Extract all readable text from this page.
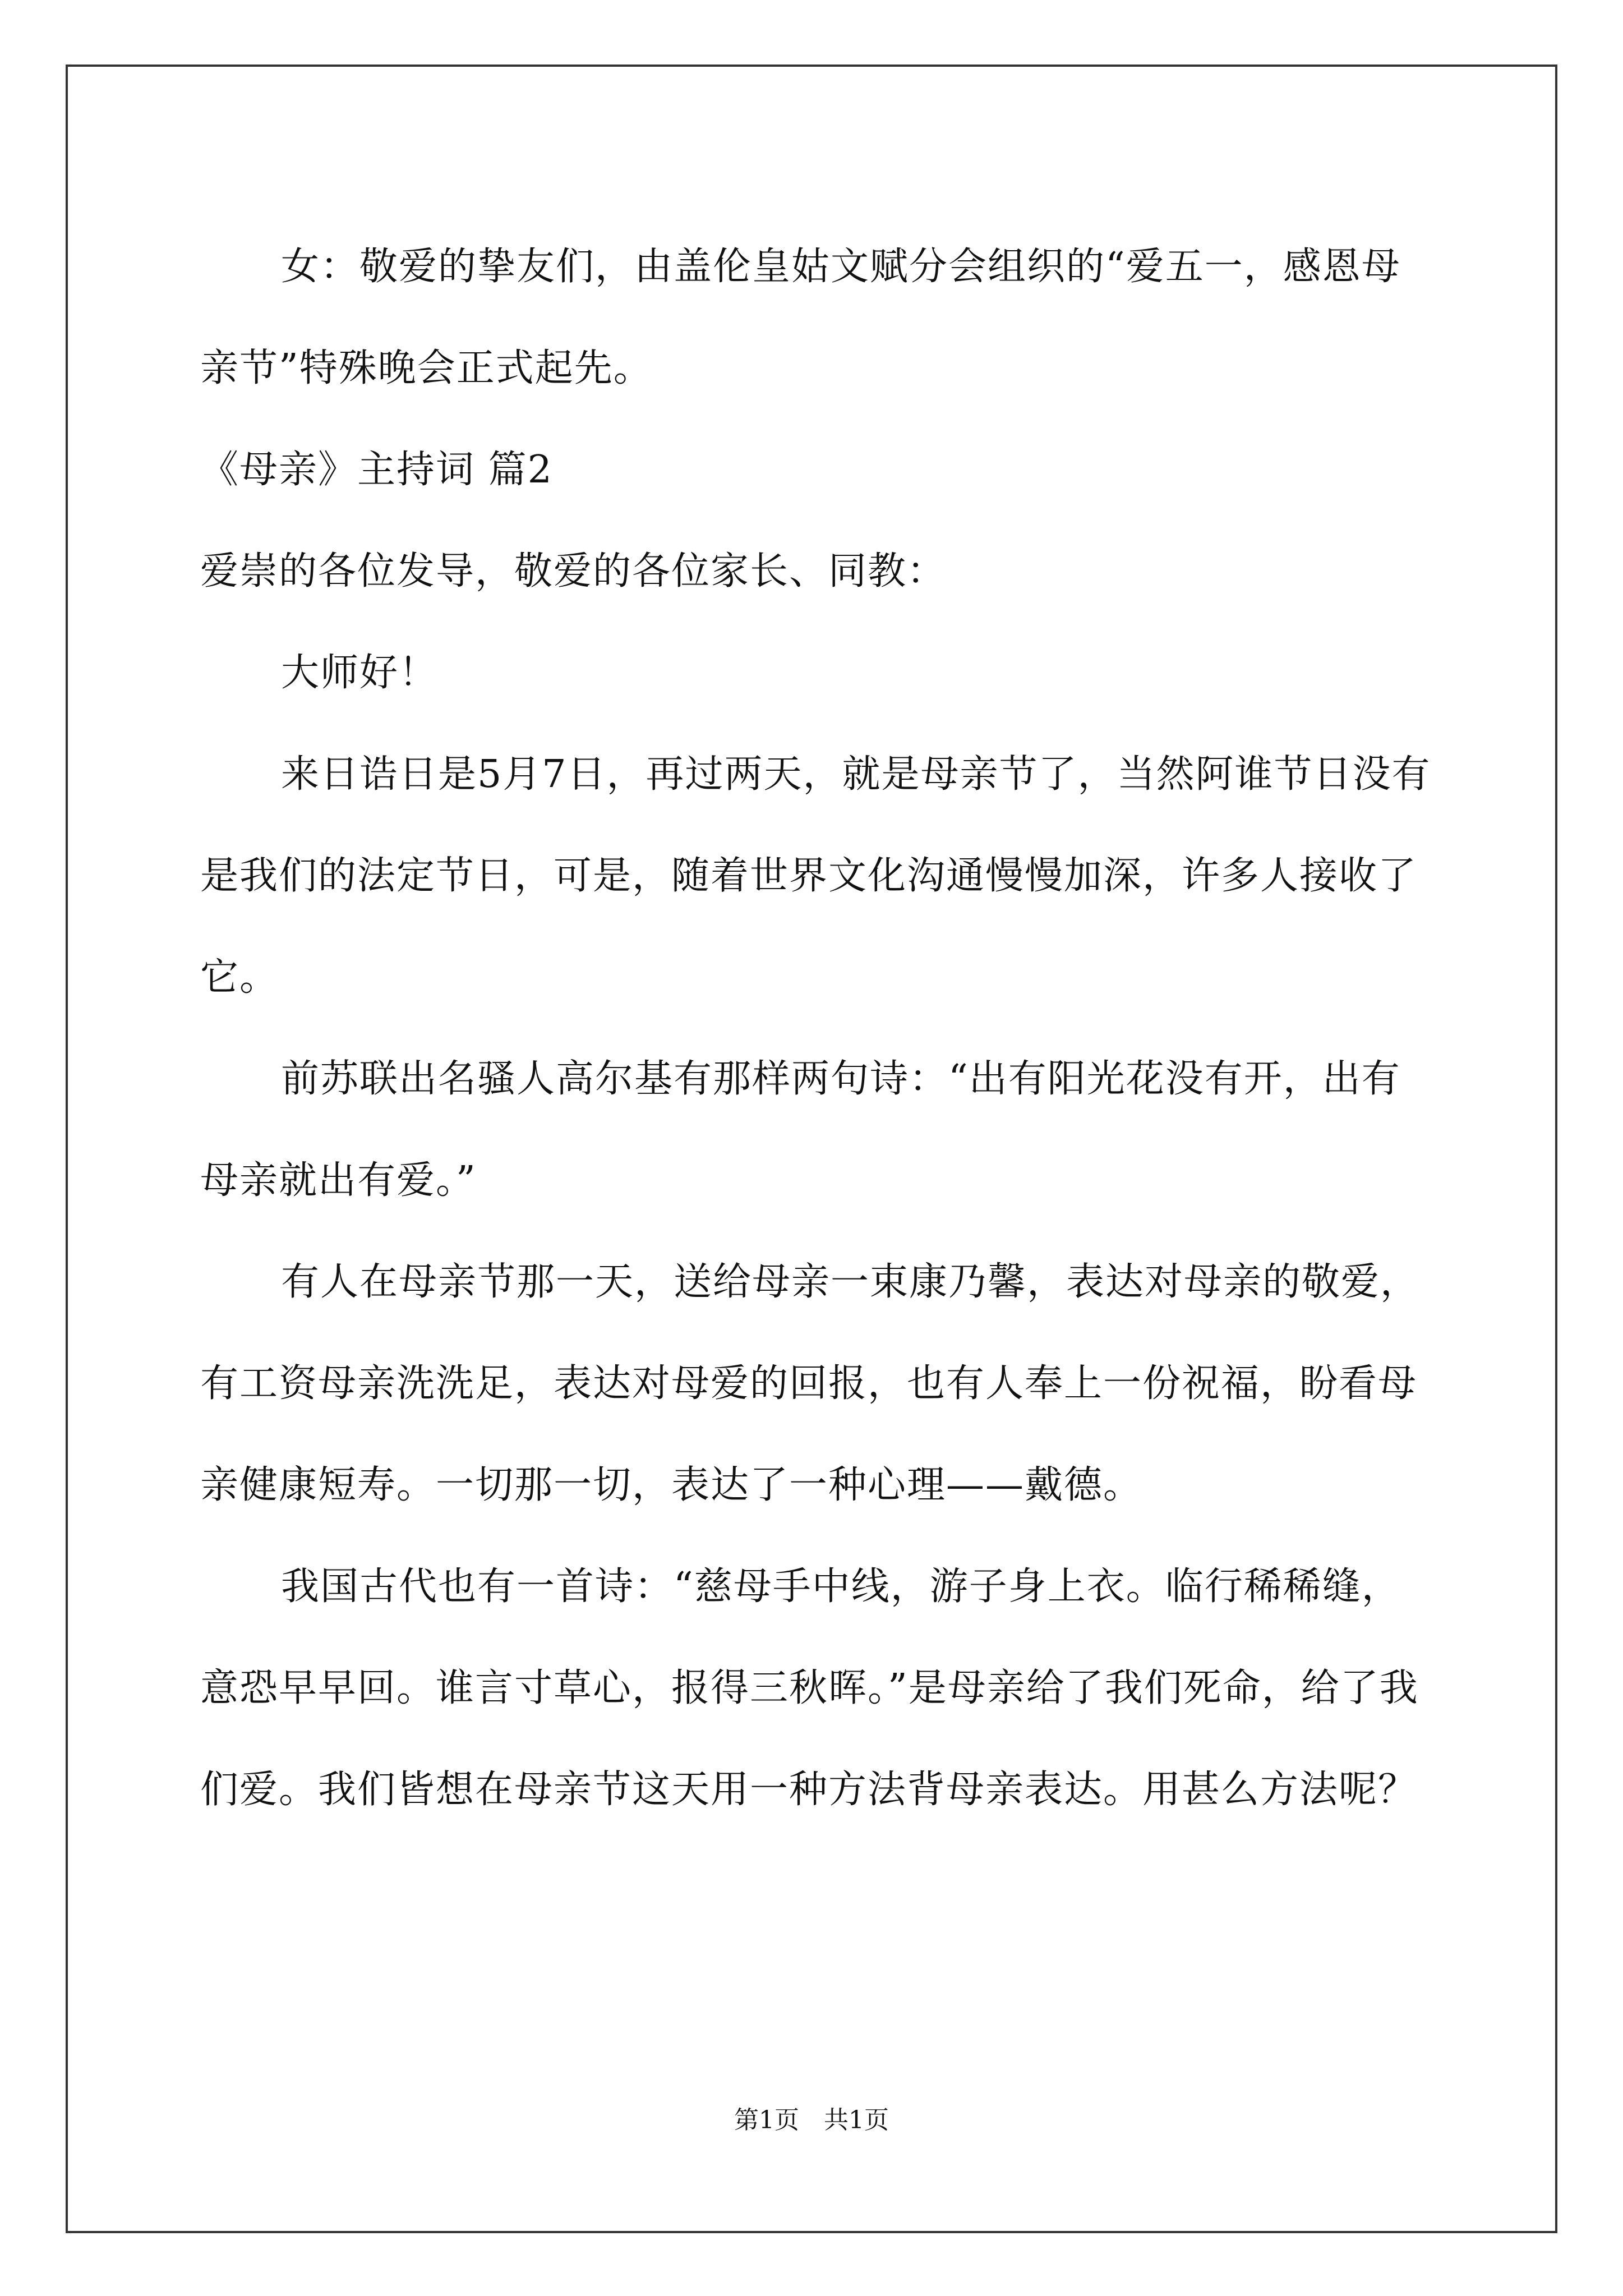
女：敬爱的挚友们，由盖伦皇姑文赋分会组织的“爱五一，感恩母亲节”特殊晚会正式起先。

《母亲》主持词 篇2

爱崇的各位发导，敬爱的各位家长、同教：

大师好！

来日诰日是5月7日，再过两天，就是母亲节了，当然阿谁节日没有是我们的法定节日，可是，随着世界文化沟通慢慢加深，许多人接收了它。

前苏联出名骚人高尔基有那样两句诗：“出有阳光花没有开，出有母亲就出有爱。”

有人在母亲节那一天，送给母亲一束康乃馨，表达对母亲的敬爱，有工资母亲洗洗足，表达对母爱的回报，也有人奉上一份祝福，盼看母亲健康短寿。一切那一切，表达了一种心理——戴德。

我国古代也有一首诗：“慈母手中线，游子身上衣。临行稀稀缝，意恐早早回。谁言寸草心，报得三秋晖。”是母亲给了我们死命，给了我们爱。我们皆想在母亲节这天用一种方法背母亲表达。用甚么方法呢？

第1页 共1页
